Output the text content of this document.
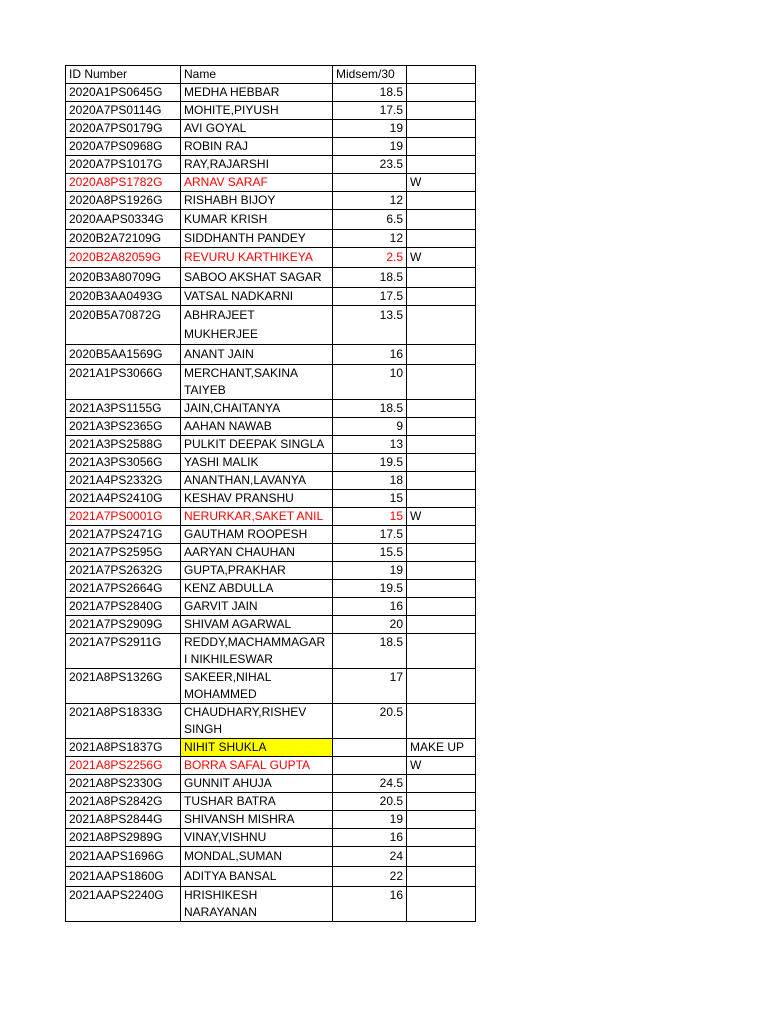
ID Number	Name	Midsem/30	
2020A1PS0645G	MEDHA HEBBAR	18.5	
2020A7PS0114G	MOHITE,PIYUSH	17.5	
2020A7PS0179G	AVI GOYAL	19	
2020A7PS0968G	ROBIN RAJ	19	
2020A7PS1017G	RAY,RAJARSHI	23.5	
2020A8PS1782G	ARNAV SARAF		W
2020A8PS1926G	RISHABH BIJOY	12	
2020AAPS0334G	KUMAR KRISH	6.5	
2020B2A72109G	SIDDHANTH PANDEY	12	
2020B2A82059G	REVURU KARTHIKEYA	2.5	W
2020B3A80709G	SABOO AKSHAT SAGAR	18.5	
2020B3AA0493G	VATSAL NADKARNI	17.5	
2020B5A70872G	ABHRAJEET MUKHERJEE	13.5	
2020B5AA1569G	ANANT JAIN	16	
2021A1PS3066G	MERCHANT,SAKINA TAIYEB	10	
2021A3PS1155G	JAIN,CHAITANYA	18.5	
2021A3PS2365G	AAHAN NAWAB	9	
2021A3PS2588G	PULKIT DEEPAK SINGLA	13	
2021A3PS3056G	YASHI MALIK	19.5	
2021A4PS2332G	ANANTHAN,LAVANYA	18	
2021A4PS2410G	KESHAV PRANSHU	15	
2021A7PS0001G	NERURKAR,SAKET ANIL	15	W
2021A7PS2471G	GAUTHAM ROOPESH	17.5	
2021A7PS2595G	AARYAN CHAUHAN	15.5	
2021A7PS2632G	GUPTA,PRAKHAR	19	
2021A7PS2664G	KENZ ABDULLA	19.5	
2021A7PS2840G	GARVIT JAIN	16	
2021A7PS2909G	SHIVAM AGARWAL	20	
2021A7PS2911G	REDDY,MACHAMMAGAR I NIKHILESWAR	18.5	
2021A8PS1326G	SAKEER,NIHAL MOHAMMED	17	
2021A8PS1833G	CHAUDHARY,RISHEV SINGH	20.5	
2021A8PS1837G	NIHIT SHUKLA		MAKE UP
2021A8PS2256G	BORRA SAFAL GUPTA		W
2021A8PS2330G	GUNNIT AHUJA	24.5	
2021A8PS2842G	TUSHAR BATRA	20.5	
2021A8PS2844G	SHIVANSH MISHRA	19	
2021A8PS2989G	VINAY,VISHNU	16	
2021AAPS1696G	MONDAL,SUMAN	24	
2021AAPS1860G	ADITYA BANSAL	22	
2021AAPS2240G	HRISHIKESH NARAYANAN	16	
